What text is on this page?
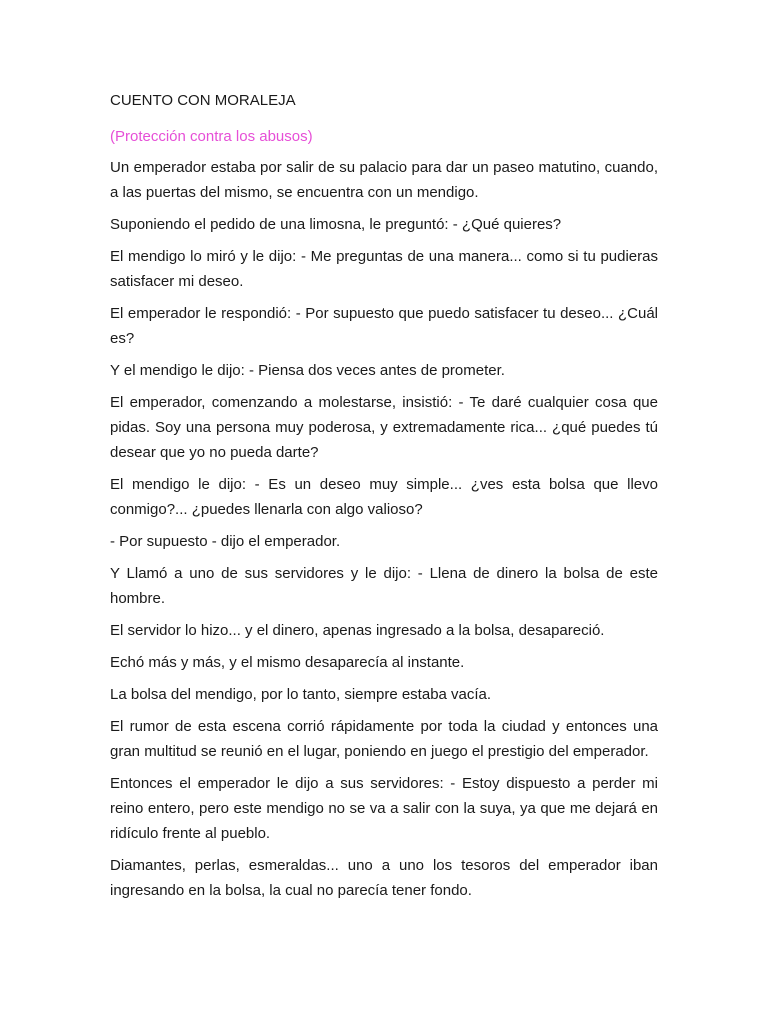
CUENTO CON MORALEJA

(Protección contra los abusos)

Un emperador estaba por salir de su palacio para dar un paseo matutino, cuando, a las puertas del mismo, se encuentra con un mendigo.

Suponiendo el pedido de una limosna, le preguntó: - ¿Qué quieres?

El mendigo lo miró y le dijo: - Me preguntas de una manera... como si tu pudieras satisfacer mi deseo.

El emperador le respondió: - Por supuesto que puedo satisfacer tu deseo... ¿Cuál es?

Y el mendigo le dijo: - Piensa dos veces antes de prometer.

El emperador, comenzando a molestarse, insistió: - Te daré cualquier cosa que pidas. Soy una persona muy poderosa, y extremadamente rica... ¿qué puedes tú desear que yo no pueda darte?

El mendigo le dijo: - Es un deseo muy simple... ¿ves esta bolsa que llevo conmigo?... ¿puedes llenarla con algo valioso?

- Por supuesto - dijo el emperador.

Y Llamó a uno de sus servidores y le dijo: - Llena de dinero la bolsa de este hombre.

El servidor lo hizo... y el dinero, apenas ingresado a la bolsa, desapareció.

Echó más y más, y el mismo desaparecía al instante.

La bolsa del mendigo, por lo tanto, siempre estaba vacía.

El rumor de esta escena corrió rápidamente por toda la ciudad y entonces una gran multitud se reunió en el lugar, poniendo en juego el prestigio del emperador.

Entonces el emperador le dijo a sus servidores: - Estoy dispuesto a perder mi reino entero, pero este mendigo no se va a salir con la suya, ya que me dejará en ridículo frente al pueblo.

Diamantes, perlas, esmeraldas... uno a uno los tesoros del emperador iban ingresando en la bolsa, la cual no parecía tener fondo.
